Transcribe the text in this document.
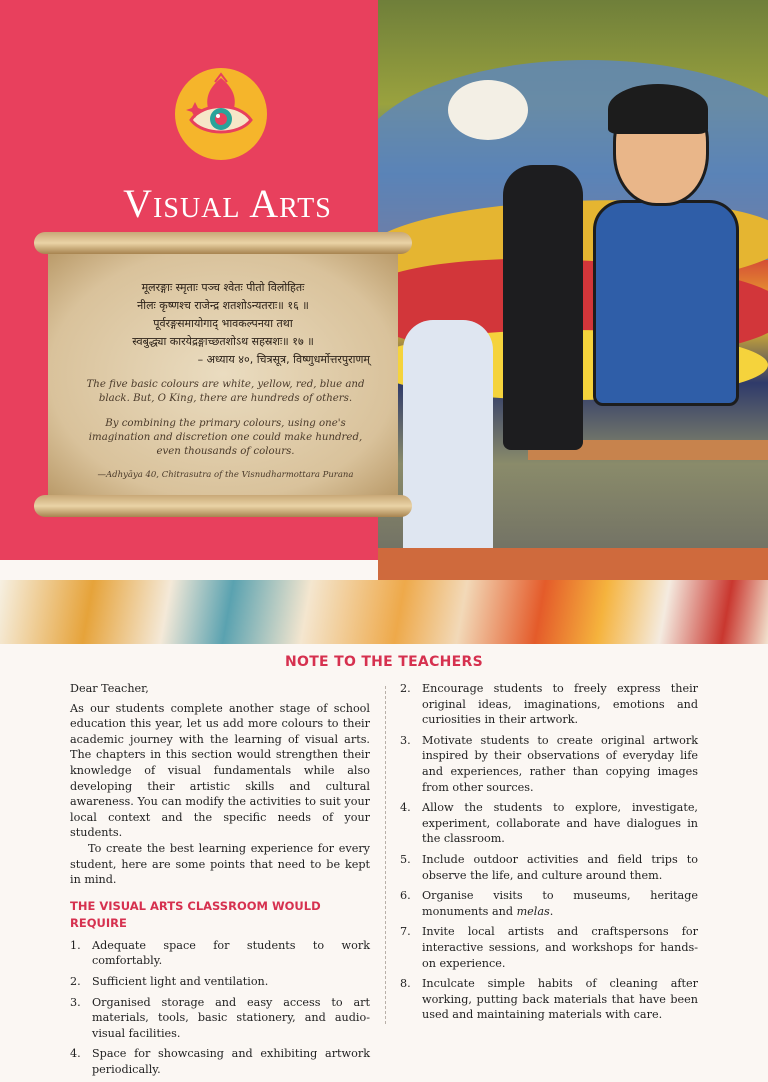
Visual Arts
मूलरङ्गाः स्मृताः पञ्च श्वेतः पीतो विलोहितः
नीलः कृष्णश्च राजेन्द्र शतशोऽन्यतराः॥ १६ ॥
पूर्वरङ्गसमायोगाद् भावकल्पनया तथा
स्वबुद्ध्या कारयेद्रङ्गाच्छतशोऽथ सहस्रशः॥ १७ ॥
– अध्याय ४०, चित्रसूत्र, विष्णुधर्मोत्तरपुराणम्
The five basic colours are white, yellow, red, blue and black. But, O King, there are hundreds of others.
By combining the primary colours, using one's imagination and discretion one could make hundred, even thousands of colours.
—Adhyāya 40, Chitrasutra of the Visnudharmottara Purana
NOTE TO THE TEACHERS

Dear Teacher,

As our students complete another stage of school education this year, let us add more colours to their academic journey with the learning of visual arts. The chapters in this section would strengthen their knowledge of visual fundamentals while also developing their artistic skills and cultural awareness. You can modify the activities to suit your local context and the specific needs of your students.

To create the best learning experience for every student, here are some points that need to be kept in mind.

THE VISUAL ARTS CLASSROOM WOULD REQUIRE
1. Adequate space for students to work comfortably.
2. Sufficient light and ventilation.
3. Organised storage and easy access to art materials, tools, basic stationery, and audio-visual facilities.
4. Space for showcasing and exhibiting artwork periodically.
2. Encourage students to freely express their original ideas, imaginations, emotions and curiosities in their artwork.
3. Motivate students to create original artwork inspired by their observations of everyday life and experiences, rather than copying images from other sources.
4. Allow the students to explore, investigate, experiment, collaborate and have dialogues in the classroom.
5. Include outdoor activities and field trips to observe the life, and culture around them.
6. Organise visits to museums, heritage monuments and melas.
7. Invite local artists and craftspersons for interactive sessions, and workshops for hands-on experience.
8. Inculcate simple habits of cleaning after working, putting back materials that have been used and maintaining materials with care.
